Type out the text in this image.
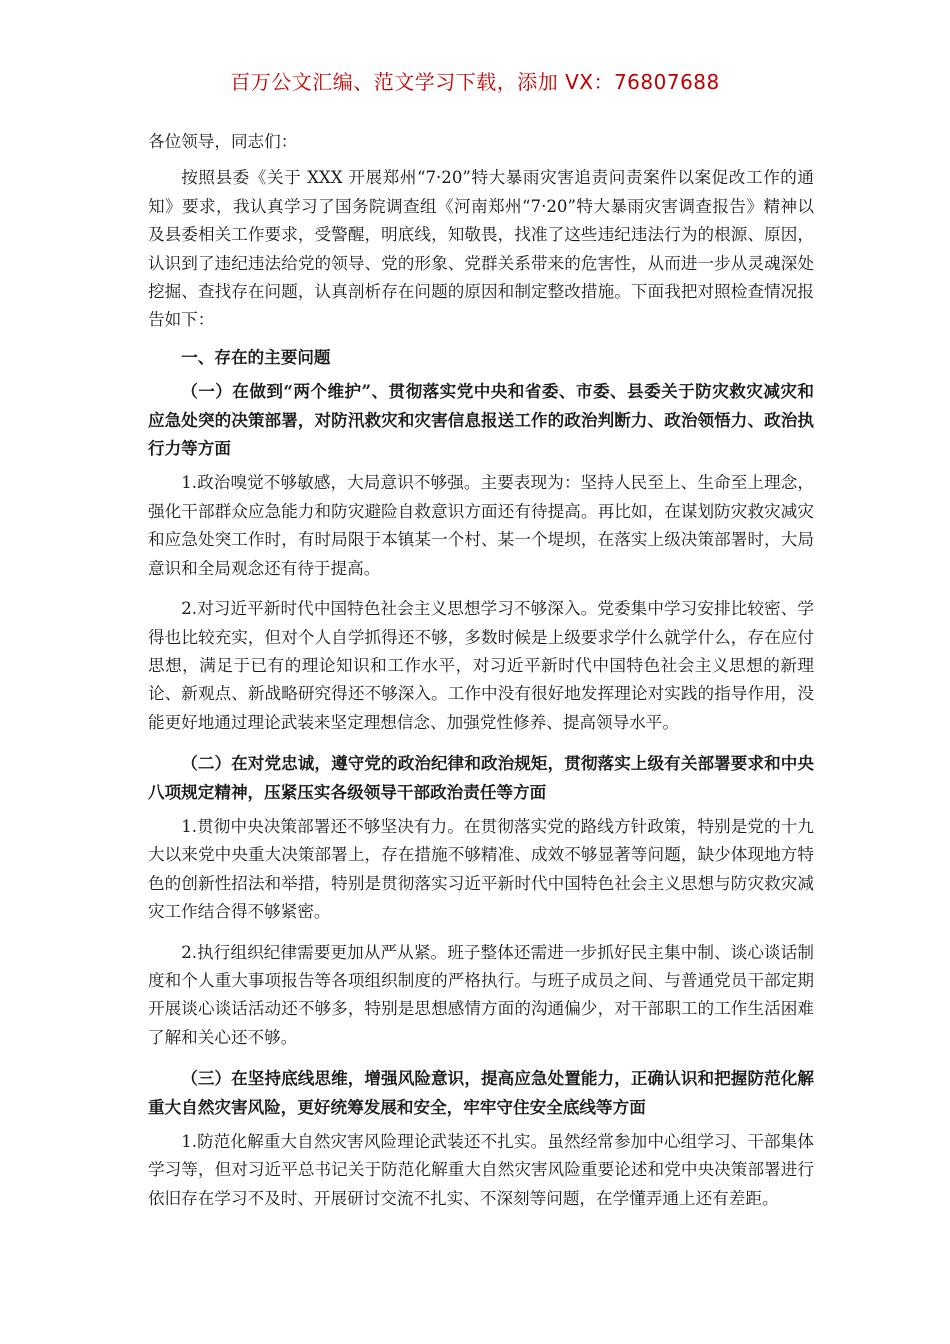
百万公文汇编、范文学习下载，添加 VX：76807688

各位领导，同志们：

按照县委《关于 XXX 开展郑州“7·20”特大暴雨灾害追责问责案件以案促改工作的通知》要求，我认真学习了国务院调查组《河南郑州“7·20”特大暴雨灾害调查报告》精神以及县委相关工作要求，受警醒，明底线，知敬畏，找准了这些违纪违法行为的根源、原因，认识到了违纪违法给党的领导、党的形象、党群关系带来的危害性，从而进一步从灵魂深处挖掘、查找存在问题，认真剖析存在问题的原因和制定整改措施。下面我把对照检查情况报告如下：

一、存在的主要问题

（一）在做到“两个维护”、贯彻落实党中央和省委、市委、县委关于防灾救灾减灾和应急处突的决策部署，对防汛救灾和灾害信息报送工作的政治判断力、政治领悟力、政治执行力等方面

1.政治嗅觉不够敏感，大局意识不够强。主要表现为：坚持人民至上、生命至上理念，强化干部群众应急能力和防灾避险自救意识方面还有待提高。再比如，在谋划防灾救灾减灾和应急处突工作时，有时局限于本镇某一个村、某一个堤坝，在落实上级决策部署时，大局意识和全局观念还有待于提高。

2.对习近平新时代中国特色社会主义思想学习不够深入。党委集中学习安排比较密、学得也比较充实，但对个人自学抓得还不够，多数时候是上级要求学什么就学什么，存在应付思想，满足于已有的理论知识和工作水平，对习近平新时代中国特色社会主义思想的新理论、新观点、新战略研究得还不够深入。工作中没有很好地发挥理论对实践的指导作用，没能更好地通过理论武装来坚定理想信念、加强党性修养、提高领导水平。

（二）在对党忠诚，遵守党的政治纪律和政治规矩，贯彻落实上级有关部署要求和中央八项规定精神，压紧压实各级领导干部政治责任等方面

1.贯彻中央决策部署还不够坚决有力。在贯彻落实党的路线方针政策，特别是党的十九大以来党中央重大决策部署上，存在措施不够精准、成效不够显著等问题，缺少体现地方特色的创新性招法和举措，特别是贯彻落实习近平新时代中国特色社会主义思想与防灾救灾减灾工作结合得不够紧密。

2.执行组织纪律需要更加从严从紧。班子整体还需进一步抓好民主集中制、谈心谈话制度和个人重大事项报告等各项组织制度的严格执行。与班子成员之间、与普通党员干部定期开展谈心谈话活动还不够多，特别是思想感情方面的沟通偏少，对干部职工的工作生活困难了解和关心还不够。

（三）在坚持底线思维，增强风险意识，提高应急处置能力，正确认识和把握防范化解重大自然灾害风险，更好统筹发展和安全，牢牢守住安全底线等方面

1.防范化解重大自然灾害风险理论武装还不扎实。虽然经常参加中心组学习、干部集体学习等，但对习近平总书记关于防范化解重大自然灾害风险重要论述和党中央决策部署进行依旧存在学习不及时、开展研讨交流不扎实、不深刻等问题，在学懂弄通上还有差距。
